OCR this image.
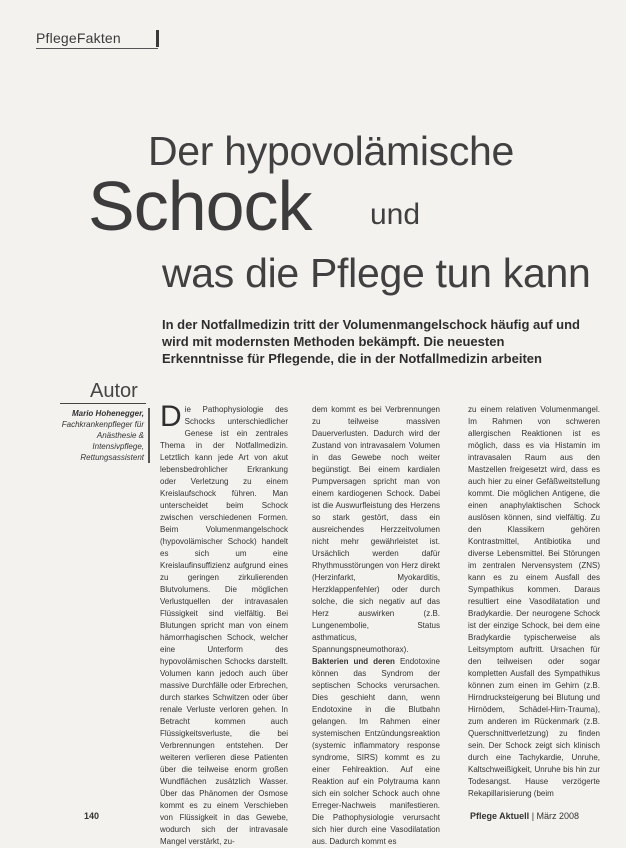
PflegeFakten
Der hypovolämische
Schock und
was die Pflege tun kann
In der Notfallmedizin tritt der Volumenmangelschock häufig auf und wird mit modernsten Methoden bekämpft. Die neuesten Erkenntnisse für Pflegende, die in der Notfallmedizin arbeiten
Autor
Mario Hohenegger, Fachkrankenpfleger für Anästhesie & Intensivpflege, Rettungsassistent

Die Pathophysiologie des Schocks unterschiedlicher Genese ist ein zentrales Thema in der Notfallmedizin. Letztlich kann jede Art von akut lebensbedrohlicher Erkrankung oder Verletzung zu einem Kreislaufschock führen. Man unterscheidet beim Schock zwischen verschiedenen Formen. Beim Volumenmangelschock (hypovolämischer Schock) handelt es sich um eine Kreislaufinsuffizienz aufgrund eines zu geringen zirkulierenden Blutvolumens. Die möglichen Verlustquellen der intravasalen Flüssigkeit sind vielfältig. Bei Blutungen spricht man von einem hämorrhagischen Schock, welcher eine Unterform des hypovolämischen Schocks darstellt. Volumen kann jedoch auch über massive Durchfälle oder Erbrechen, durch starkes Schwitzen oder über renale Verluste verloren gehen. In Betracht kommen auch Flüssigkeitsverluste, die bei Verbrennungen entstehen. Der weiteren verlieren diese Patienten über die teilweise enorm großen Wundflächen zusätzlich Wasser. Über das Phänomen der Osmose kommt es zu einem Verschieben von Flüssigkeit in das Gewebe, wodurch sich der intravasale Mangel verstärkt, zu-

dem kommt es bei Verbrennungen zu teilweise massiven Dauerverlusten. Dadurch wird der Zustand von intravasalem Volumen in das Gewebe noch weiter begünstigt. Bei einem kardialen Pumpversagen spricht man von einem kardiogenen Schock. Dabei ist die Auswurfleistung des Herzens so stark gestört, dass ein ausreichendes Herzzeitvolumen nicht mehr gewährleistet ist. Ursächlich werden dafür Rhythmusstörungen von Herz direkt (Herzinfarkt, Myokarditis, Herzklappenfehler) oder durch solche, die sich negativ auf das Herz auswirken (z.B. Lungenembolie, Status asthmaticus, Spannungspneumothorax).

Bakterien und deren Endotoxine können das Syndrom der septischen Schocks verursachen. Dies geschieht dann, wenn Endotoxine in die Blutbahn gelangen. Im Rahmen einer systemischen Entzündungsreaktion (systemic inflammatory response syndrome, SIRS) kommt es zu einer Fehlreaktion. Auf eine Reaktion auf ein Polytrauma kann sich ein solcher Schock auch ohne Erreger-Nachweis manifestieren. Die Pathophysiologie verursacht sich hier durch eine Vasodilatation aus. Dadurch kommt es

zu einem relativen Volumenmangel. Im Rahmen von schweren allergischen Reaktionen ist es möglich, dass es via Histamin im intravasalen Raum aus den Mastzellen freigesetzt wird, dass es auch hier zu einer Gefäßweitstellung kommt. Die möglichen Antigene, die einen anaphylaktischen Schock auslösen können, sind vielfältig. Zu den Klassikern gehören Kontrastmittel, Antibiotika und diverse Lebensmittel. Bei Störungen im zentralen Nervensystem (ZNS) kann es zu einem Ausfall des Sympathikus kommen. Daraus resultiert eine Vasodilatation und Bradykardie. Der neurogene Schock ist der einzige Schock, bei dem eine Bradykardie typischerweise als Leitsymptom auftritt. Ursachen für den teilweisen oder sogar kompletten Ausfall des Sympathikus können zum einen im Gehirn (z.B. Hirndrucksteigerung bei Blutung und Hirnödem, Schädel-Hirn-Trauma), zum anderen im Rückenmark (z.B. Querschnittverletzung) zu finden sein. Der Schock zeigt sich klinisch durch eine Tachykardie, Unruhe, Kaltschweißigkeit, Unruhe bis hin zur Todesangst. Hause verzögerte Rekapillarisierung (beim

140	Pflege Aktuell | März 2008
